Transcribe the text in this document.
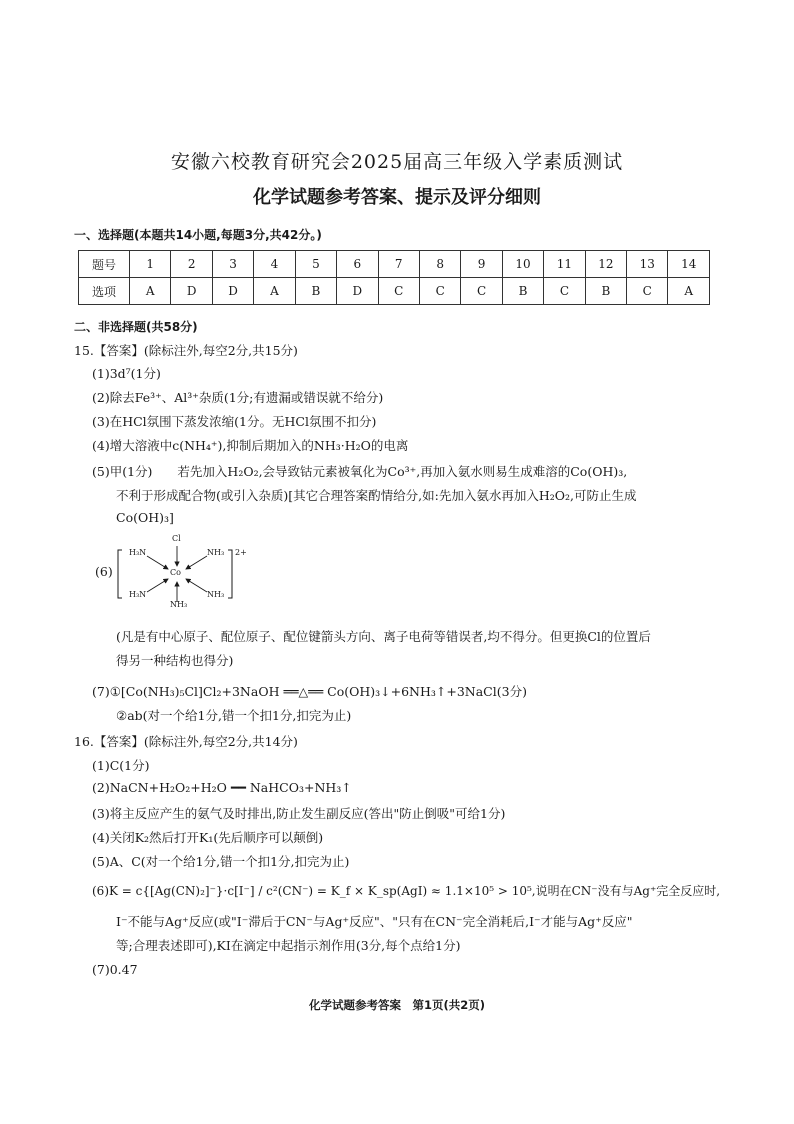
安徽六校教育研究会2025届高三年级入学素质测试
化学试题参考答案、提示及评分细则
一、选择题(本题共14小题,每题3分,共42分。)
题号	1	2	3	4	5	6	7	8	9	10	11	12	13	14
选项	A	D	D	A	B	D	C	C	C	B	C	B	C	A
二、非选择题(共58分)
15.【答案】(除标注外,每空2分,共15分)
(1)3d⁷(1分)
(2)除去Fe³⁺、Al³⁺杂质(1分;有遗漏或错误就不给分)
(3)在HCl氛围下蒸发浓缩(1分。无HCl氛围不扣分)
(4)增大溶液中c(NH₄⁺),抑制后期加入的NH₃·H₂O的电离
(5)甲(1分)　　若先加入H₂O₂,会导致钴元素被氧化为Co³⁺,再加入氨水则易生成难溶的Co(OH)₃,
不利于形成配合物(或引入杂质)[其它合理答案酌情给分,如:先加入氨水再加入H₂O₂,可防止生成
Co(OH)₃]
(6)
Cl
Co
NH₃
H₃N	NH₃
H₃N	NH₃
2+
(凡是有中心原子、配位原子、配位键箭头方向、离子电荷等错误者,均不得分。但更换Cl的位置后
得另一种结构也得分)
(7)①[Co(NH₃)₅Cl]Cl₂+3NaOH ══△══ Co(OH)₃↓+6NH₃↑+3NaCl(3分)
②ab(对一个给1分,错一个扣1分,扣完为止)
16.【答案】(除标注外,每空2分,共14分)
(1)C(1分)
(2)NaCN+H₂O₂+H₂O ━━ NaHCO₃+NH₃↑
(3)将主反应产生的氨气及时排出,防止发生副反应(答出"防止倒吸"可给1分)
(4)关闭K₂然后打开K₁(先后顺序可以颠倒)
(5)A、C(对一个给1分,错一个扣1分,扣完为止)
(6)K = c{[Ag(CN)₂]⁻}·c[I⁻] / c²(CN⁻) = K_f × K_sp(AgI) ≈ 1.1×10⁵ > 10⁵,说明在CN⁻没有与Ag⁺完全反应时,
I⁻不能与Ag⁺反应(或"I⁻滞后于CN⁻与Ag⁺反应"、"只有在CN⁻完全消耗后,I⁻才能与Ag⁺反应"
等;合理表述即可),KI在滴定中起指示剂作用(3分,每个点给1分)
(7)0.47
化学试题参考答案　第1页(共2页)
